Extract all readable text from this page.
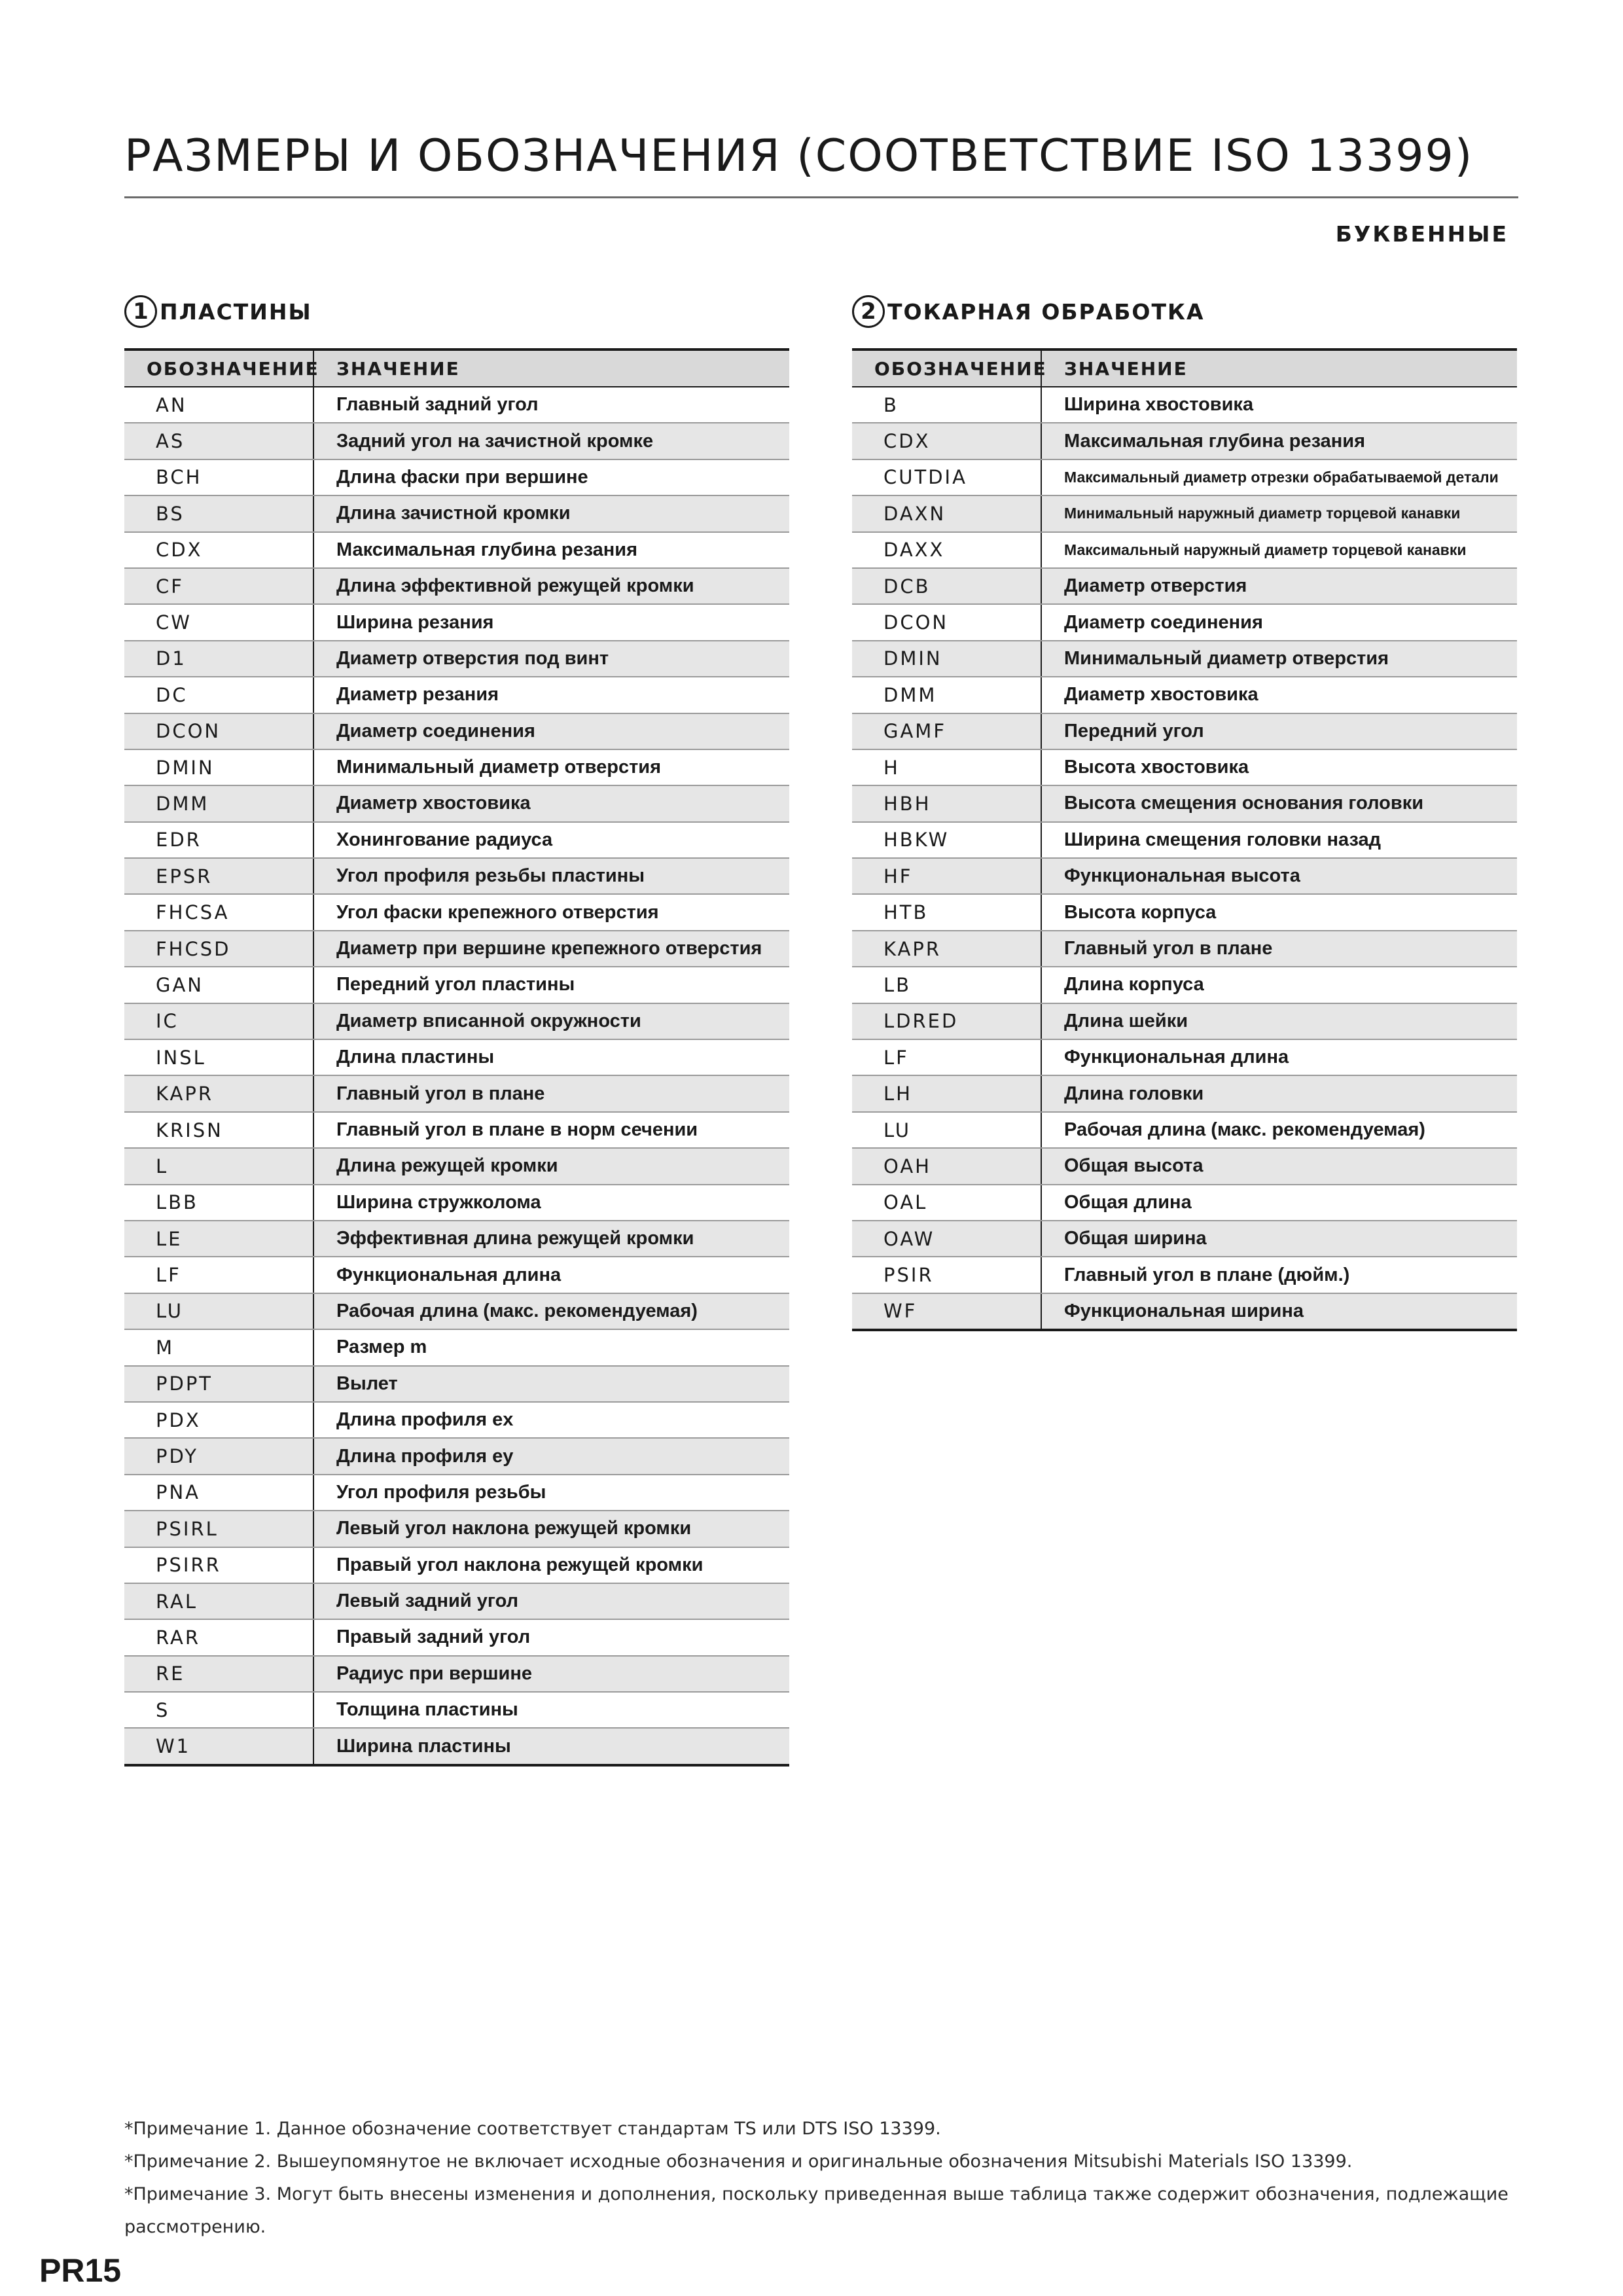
РАЗМЕРЫ И ОБОЗНАЧЕНИЯ (СООТВЕТСТВИЕ ISO 13399)
БУКВЕННЫЕ
1 ПЛАСТИНЫ
ОБОЗНАЧЕНИЕ	ЗНАЧЕНИЕ
AN	Главный задний угол
AS	Задний угол на зачистной кромке
BCH	Длина фаски при вершине
BS	Длина зачистной кромки
CDX	Максимальная глубина резания
CF	Длина эффективной режущей кромки
CW	Ширина резания
D1	Диаметр отверстия под винт
DC	Диаметр резания
DCON	Диаметр соединения
DMIN	Минимальный диаметр отверстия
DMM	Диаметр хвостовика
EDR	Хонингование радиуса
EPSR	Угол профиля резьбы пластины
FHCSA	Угол фаски крепежного отверстия
FHCSD	Диаметр при вершине крепежного отверстия
GAN	Передний угол пластины
IC	Диаметр вписанной окружности
INSL	Длина пластины
KAPR	Главный угол в плане
KRISN	Главный угол в плане в норм сечении
L	Длина режущей кромки
LBB	Ширина стружколома
LE	Эффективная длина режущей кромки
LF	Функциональная длина
LU	Рабочая длина (макс. рекомендуемая)
M	Размер m
PDPT	Вылет
PDX	Длина профиля ex
PDY	Длина профиля ey
PNA	Угол профиля резьбы
PSIRL	Левый угол наклона режущей кромки
PSIRR	Правый угол наклона режущей кромки
RAL	Левый задний угол
RAR	Правый задний угол
RE	Радиус при вершине
S	Толщина пластины
W1	Ширина пластины
2 ТОКАРНАЯ ОБРАБОТКА
ОБОЗНАЧЕНИЕ	ЗНАЧЕНИЕ
B	Ширина хвостовика
CDX	Максимальная глубина резания
CUTDIA	Максимальный диаметр отрезки обрабатываемой детали
DAXN	Минимальный наружный диаметр торцевой канавки
DAXX	Максимальный наружный диаметр торцевой канавки
DCB	Диаметр отверстия
DCON	Диаметр соединения
DMIN	Минимальный диаметр отверстия
DMM	Диаметр хвостовика
GAMF	Передний угол
H	Высота хвостовика
HBH	Высота смещения основания головки
HBKW	Ширина смещения головки назад
HF	Функциональная высота
HTB	Высота корпуса
KAPR	Главный угол в плане
LB	Длина корпуса
LDRED	Длина шейки
LF	Функциональная длина
LH	Длина головки
LU	Рабочая длина (макс. рекомендуемая)
OAH	Общая высота
OAL	Общая длина
OAW	Общая ширина
PSIR	Главный угол в плане (дюйм.)
WF	Функциональная ширина
*Примечание 1. Данное обозначение соответствует стандартам TS или DTS ISO 13399.
*Примечание 2. Вышеупомянутое не включает исходные обозначения и оригинальные обозначения Mitsubishi Materials ISO 13399.
*Примечание 3. Могут быть внесены изменения и дополнения, поскольку приведенная выше таблица также содержит обозначения, подлежащие рассмотрению.
PR15
